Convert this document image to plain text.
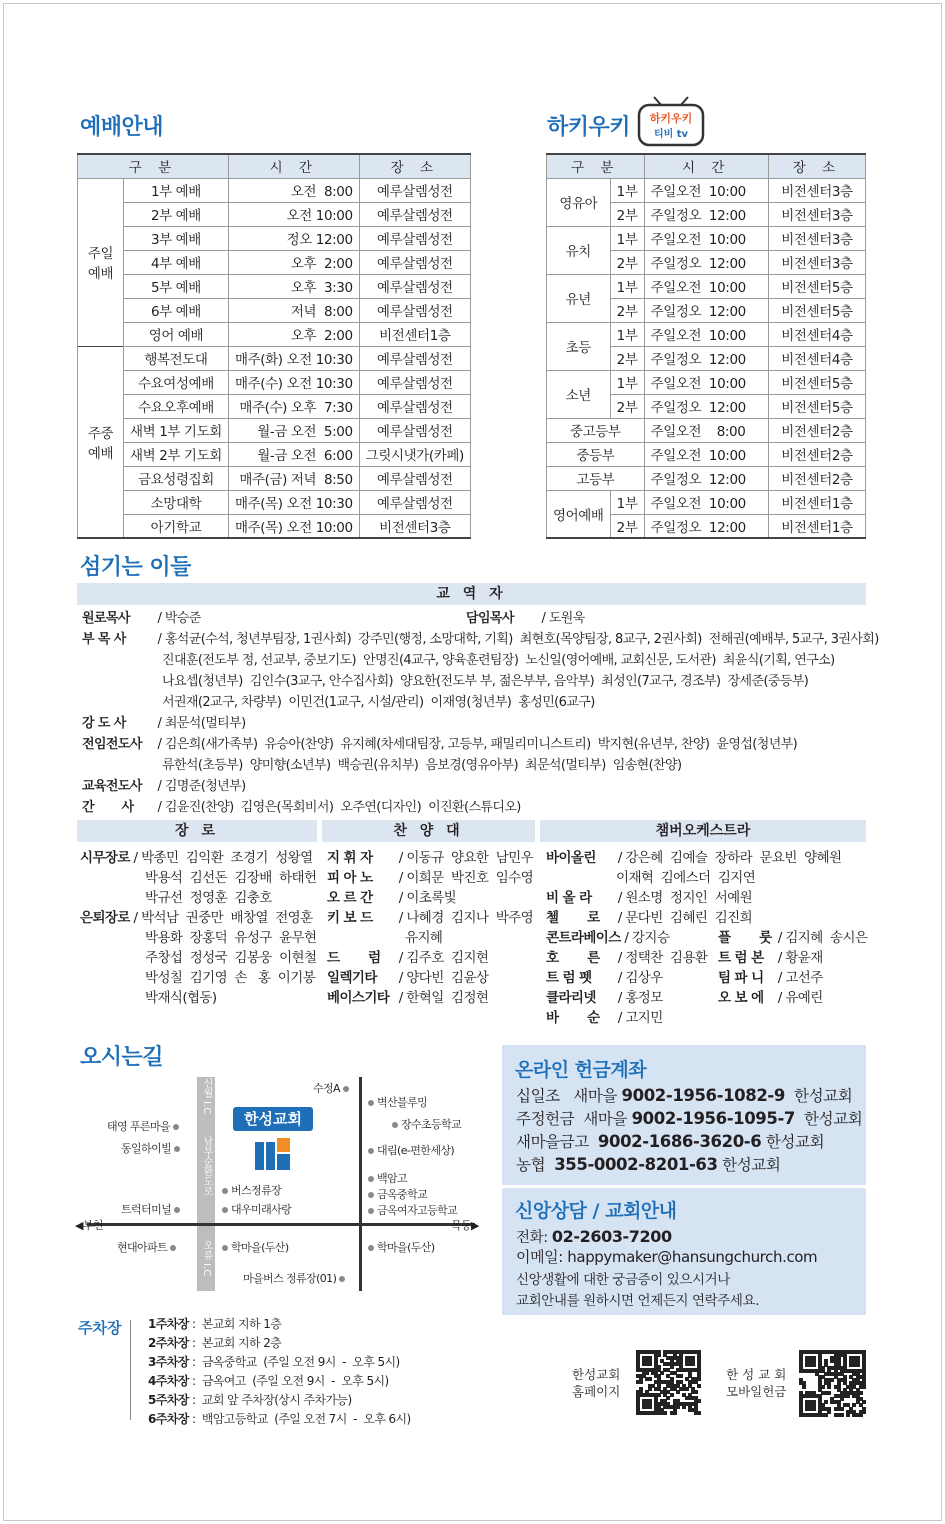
예배안내
구 분		시 간	장 소
주일
예배	1부 예배	오전  8:00	예루살렘성전
	2부 예배	오전 10:00	예루살렘성전
	3부 예배	정오 12:00	예루살렘성전
	4부 예배	오후  2:00	예루살렘성전
	5부 예배	오후  3:30	예루살렘성전
	6부 예배	저녁  8:00	예루살렘성전
	영어 예배	오후  2:00	비전센터1층
주중
예배	행복전도대	매주(화) 오전 10:30	예루살렘성전
	수요여성예배	매주(수) 오전 10:30	예루살렘성전
	수요오후예배	매주(수) 오후  7:30	예루살렘성전
	새벽 1부 기도회	월-금 오전  5:00	예루살렘성전
	새벽 2부 기도회	월-금 오전  6:00	그릿시냇가(카페)
	금요성령집회	매주(금) 저녁  8:50	예루살렘성전
	소망대학	매주(목) 오전 10:30	예루살렘성전
	아기학교	매주(목) 오전 10:00	비전센터3층
하키우키 하키우키
티비 tv
구 분		시 간	장 소
영유아	1부	주일오전  10:00	비전센터3층
	2부	주일정오  12:00	비전센터3층
유치	1부	주일오전  10:00	비전센터3층
	2부	주일정오  12:00	비전센터3층
유년	1부	주일오전  10:00	비전센터5층
	2부	주일정오  12:00	비전센터5층
초등	1부	주일오전  10:00	비전센터4층
	2부	주일정오  12:00	비전센터4층
소년	1부	주일오전  10:00	비전센터5층
	2부	주일정오  12:00	비전센터5층
중고등부		주일오전    8:00	비전센터2층
중등부		주일오전  10:00	비전센터2층
고등부		주일정오  12:00	비전센터2층
영어예배	1부	주일오전  10:00	비전센터1층
	2부	주일정오  12:00	비전센터1층
섬기는 이들
교 역 자
원로목사 / 박승준	담임목사 / 도원욱
부 목 사 / 홍석균(수석, 청년부팀장, 1권사회)  강주민(행정, 소망대학, 기획)  최현호(목양팀장, 8교구, 2권사회)  전해권(예배부, 5교구, 3권사회)
진대훈(전도부 정, 선교부, 중보기도)  안명진(4교구, 양육훈련팀장)  노신일(영어예배, 교회신문, 도서관)  최윤식(기획, 연구소)
나요셉(청년부)  김인수(3교구, 안수집사회)  양요한(전도부 부, 젊은부부, 음악부)  최성인(7교구, 경조부)  장세준(중등부)
서권재(2교구, 차량부)  이민건(1교구, 시설/관리)  이재영(청년부)  홍성민(6교구)
강 도 사 / 최문석(멀티부)
전임전도사 / 김은희(새가족부)  유승아(찬양)  유지혜(차세대팀장, 고등부, 패밀리미니스트리)  박지현(유년부, 찬양)  윤영섭(청년부)
류한석(초등부)  양미향(소년부)  백승권(유치부)  음보경(영유아부)  최문석(멀티부)  임송현(찬양)
교육전도사 / 김명준(청년부)
간       사 / 김윤진(찬양)  김영은(목회비서)  오주연(디자인)  이진환(스튜디오)
장 로	찬 양 대	챔버오케스트라
시무장로 / 박종민  김익환  조경기  성왕열
박용석  김선돈  김장배  하태헌
박규선  정영훈  김충호
은퇴장로 / 박석남  권중만  배창열  전영훈
박용화  장홍덕  유성구  윤무현
주창섭  정성국  김봉웅  이현철
박성칠  김기영  손   홍  이기봉
박재식(협동)
지 휘 자 / 이동규  양요한  남민우
피 아 노 / 이희문  박진호  임수영
오 르 간 / 이초록빛
키 보 드 / 나혜경  김지나  박주영
유지혜
드       럼 / 김주호  김지현
일렉기타 / 양다빈  김윤상
베이스기타 / 한혁일  김정현
바이올린 / 강은혜  김예슬  장하라  문요빈  양혜원
이재혁  김에스더  김지연
비 올 라 / 원소명  정지인  서예원
첼       로 / 문다빈  김혜린  김진희
콘트라베이스 / 강지승
호       른 / 정택찬  김용환
트 럼 펫 / 김상우
클라리넷 / 홍정모
바       순 / 고지민
플       룻 / 김지혜  송시은
트 럼 본 / 황윤재
팀 파 니 / 고선주
오 보 에 / 유예린
오시는길
신월 I.C
남부순환도로
오류 I.C
◀부천	목동▶
한성교회
태영 푸른마을
동일하이빌
트럭터미널
현대아파트
버스정류장
대우미래사랑
학마을(두산)
마을버스 정류장(01)
수정A
벽산블루밍
장수초등학교
대림(e-편한세상)
백암고
금옥중학교
금옥여자고등학교
학마을(두산)
주차장 1주차장 :  본교회 지하 1층
2주차장 :  본교회 지하 2층
3주차장 :  금옥중학교  (주일 오전 9시  -  오후 5시)
4주차장 :  금옥여고  (주일 오전 9시  -  오후 5시)
5주차장 :  교회 앞 주차장(상시 주차가능)
6주차장 :  백암고등학교  (주일 오전 7시  -  오후 6시)
온라인 헌금계좌
십일조   새마을 9002-1956-1082-9  한성교회
주정헌금  새마을 9002-1956-1095-7  한성교회
새마을금고  9002-1686-3620-6 한성교회
농협  355-0002-8201-63 한성교회
신앙상담 / 교회안내
전화: 02-2603-7200
이메일: happymaker@hansungchurch.com
신앙생활에 대한 궁금증이 있으시거나
교회안내를 원하시면 언제든지 연락주세요.
한성교회
홈페이지
한 성 교 회
모바일헌금
